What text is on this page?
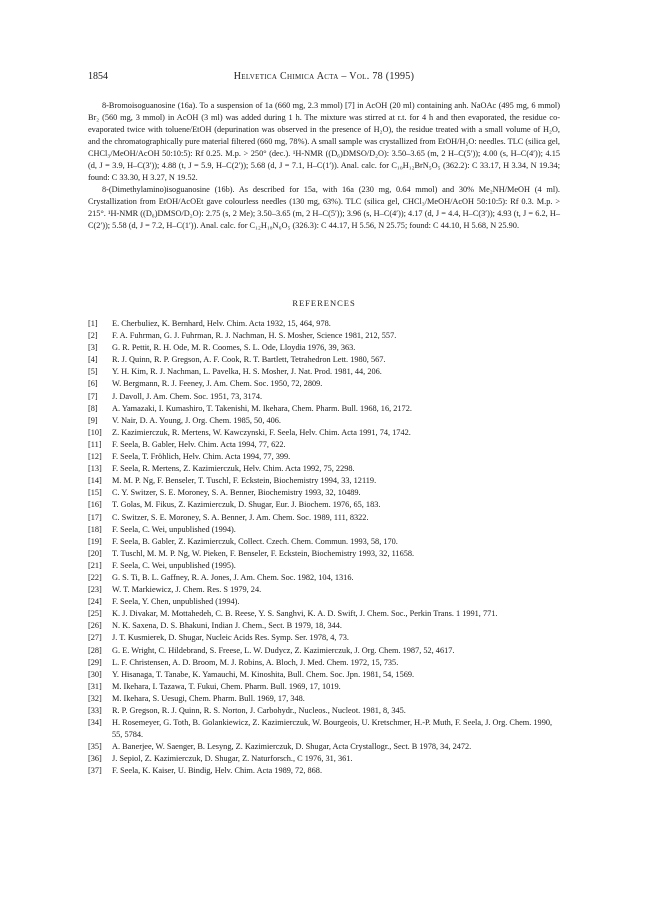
1854	Helvetica Chimica Acta – Vol. 78 (1995)

8-Bromoisoguanosine (16a). To a suspension of 1a (660 mg, 2.3 mmol) [7] in AcOH (20 ml) containing anh. NaOAc (495 mg, 6 mmol) Br₂ (560 mg, 3 mmol) in AcOH (3 ml) was added during 1 h. The mixture was stirred at r.t. for 4 h and then evaporated, the residue co-evaporated twice with toluene/EtOH (depurination was observed in the presence of H₂O), the residue treated with a small volume of H₂O, and the chromatographically pure material filtered (660 mg, 78%). A small sample was crystallized from EtOH/H₂O: needles. TLC (silica gel, CHCl₃/MeOH/AcOH 50:10:5): Rf 0.25. M.p. > 250° (dec.). ¹H-NMR ((D₆)DMSO/D₂O): 3.50–3.65 (m, 2 H–C(5′)); 4.00 (s, H–C(4′)); 4.15 (d, J = 3.9, H–C(3′)); 4.88 (t, J = 5.9, H–C(2′)); 5.68 (d, J = 7.1, H–C(1′)). Anal. calc. for C₁₀H₁₂BrN₅O₅ (362.2): C 33.17, H 3.34, N 19.34; found: C 33.30, H 3.27, N 19.52.

8-(Dimethylamino)isoguanosine (16b). As described for 15a, with 16a (230 mg, 0.64 mmol) and 30% Me₂NH/MeOH (4 ml). Crystallization from EtOH/AcOEt gave colourless needles (130 mg, 63%). TLC (silica gel, CHCl₃/MeOH/AcOH 50:10:5): Rf 0.3. M.p. > 215°. ¹H-NMR ((D₆)DMSO/D₂O): 2.75 (s, 2 Me); 3.50–3.65 (m, 2 H–C(5′)); 3.96 (s, H–C(4′)); 4.17 (d, J = 4.4, H–C(3′)); 4.93 (t, J = 6.2, H–C(2′)); 5.58 (d, J = 7.2, H–C(1′)). Anal. calc. for C₁₂H₁₈N₆O₅ (326.3): C 44.17, H 5.56, N 25.75; found: C 44.10, H 5.68, N 25.90.

REFERENCES
[1] E. Cherbuliez, K. Bernhard, Helv. Chim. Acta 1932, 15, 464, 978.
[2] F. A. Fuhrman, G. J. Fuhrman, R. J. Nachman, H. S. Mosher, Science 1981, 212, 557.
[3] G. R. Pettit, R. H. Ode, M. R. Coomes, S. L. Ode, Lloydia 1976, 39, 363.
[4] R. J. Quinn, R. P. Gregson, A. F. Cook, R. T. Bartlett, Tetrahedron Lett. 1980, 567.
[5] Y. H. Kim, R. J. Nachman, L. Pavelka, H. S. Mosher, J. Nat. Prod. 1981, 44, 206.
[6] W. Bergmann, R. J. Feeney, J. Am. Chem. Soc. 1950, 72, 2809.
[7] J. Davoll, J. Am. Chem. Soc. 1951, 73, 3174.
[8] A. Yamazaki, I. Kumashiro, T. Takenishi, M. Ikehara, Chem. Pharm. Bull. 1968, 16, 2172.
[9] V. Nair, D. A. Young, J. Org. Chem. 1985, 50, 406.
[10] Z. Kazimierczuk, R. Mertens, W. Kawczynski, F. Seela, Helv. Chim. Acta 1991, 74, 1742.
[11] F. Seela, B. Gabler, Helv. Chim. Acta 1994, 77, 622.
[12] F. Seela, T. Fröhlich, Helv. Chim. Acta 1994, 77, 399.
[13] F. Seela, R. Mertens, Z. Kazimierczuk, Helv. Chim. Acta 1992, 75, 2298.
[14] M. M. P. Ng, F. Benseler, T. Tuschl, F. Eckstein, Biochemistry 1994, 33, 12119.
[15] C. Y. Switzer, S. E. Moroney, S. A. Benner, Biochemistry 1993, 32, 10489.
[16] T. Golas, M. Fikus, Z. Kazimierczuk, D. Shugar, Eur. J. Biochem. 1976, 65, 183.
[17] C. Switzer, S. E. Moroney, S. A. Benner, J. Am. Chem. Soc. 1989, 111, 8322.
[18] F. Seela, C. Wei, unpublished (1994).
[19] F. Seela, B. Gabler, Z. Kazimierczuk, Collect. Czech. Chem. Commun. 1993, 58, 170.
[20] T. Tuschl, M. M. P. Ng, W. Pieken, F. Benseler, F. Eckstein, Biochemistry 1993, 32, 11658.
[21] F. Seela, C. Wei, unpublished (1995).
[22] G. S. Ti, B. L. Gaffney, R. A. Jones, J. Am. Chem. Soc. 1982, 104, 1316.
[23] W. T. Markiewicz, J. Chem. Res. S 1979, 24.
[24] F. Seela, Y. Chen, unpublished (1994).
[25] K. J. Divakar, M. Mottahedeh, C. B. Reese, Y. S. Sanghvi, K. A. D. Swift, J. Chem. Soc., Perkin Trans. 1 1991, 771.
[26] N. K. Saxena, D. S. Bhakuni, Indian J. Chem., Sect. B 1979, 18, 344.
[27] J. T. Kusmierek, D. Shugar, Nucleic Acids Res. Symp. Ser. 1978, 4, 73.
[28] G. E. Wright, C. Hildebrand, S. Freese, L. W. Dudycz, Z. Kazimierczuk, J. Org. Chem. 1987, 52, 4617.
[29] L. F. Christensen, A. D. Broom, M. J. Robins, A. Bloch, J. Med. Chem. 1972, 15, 735.
[30] Y. Hisanaga, T. Tanabe, K. Yamauchi, M. Kinoshita, Bull. Chem. Soc. Jpn. 1981, 54, 1569.
[31] M. Ikehara, I. Tazawa, T. Fukui, Chem. Pharm. Bull. 1969, 17, 1019.
[32] M. Ikehara, S. Uesugi, Chem. Pharm. Bull. 1969, 17, 348.
[33] R. P. Gregson, R. J. Quinn, R. S. Norton, J. Carbohydr., Nucleos., Nucleot. 1981, 8, 345.
[34] H. Rosemeyer, G. Toth, B. Golankiewicz, Z. Kazimierczuk, W. Bourgeois, U. Kretschmer, H.-P. Muth, F. Seela, J. Org. Chem. 1990, 55, 5784.
[35] A. Banerjee, W. Saenger, B. Lesyng, Z. Kazimierczuk, D. Shugar, Acta Crystallogr., Sect. B 1978, 34, 2472.
[36] J. Sepiol, Z. Kazimierczuk, D. Shugar, Z. Naturforsch., C 1976, 31, 361.
[37] F. Seela, K. Kaiser, U. Bindig, Helv. Chim. Acta 1989, 72, 868.
